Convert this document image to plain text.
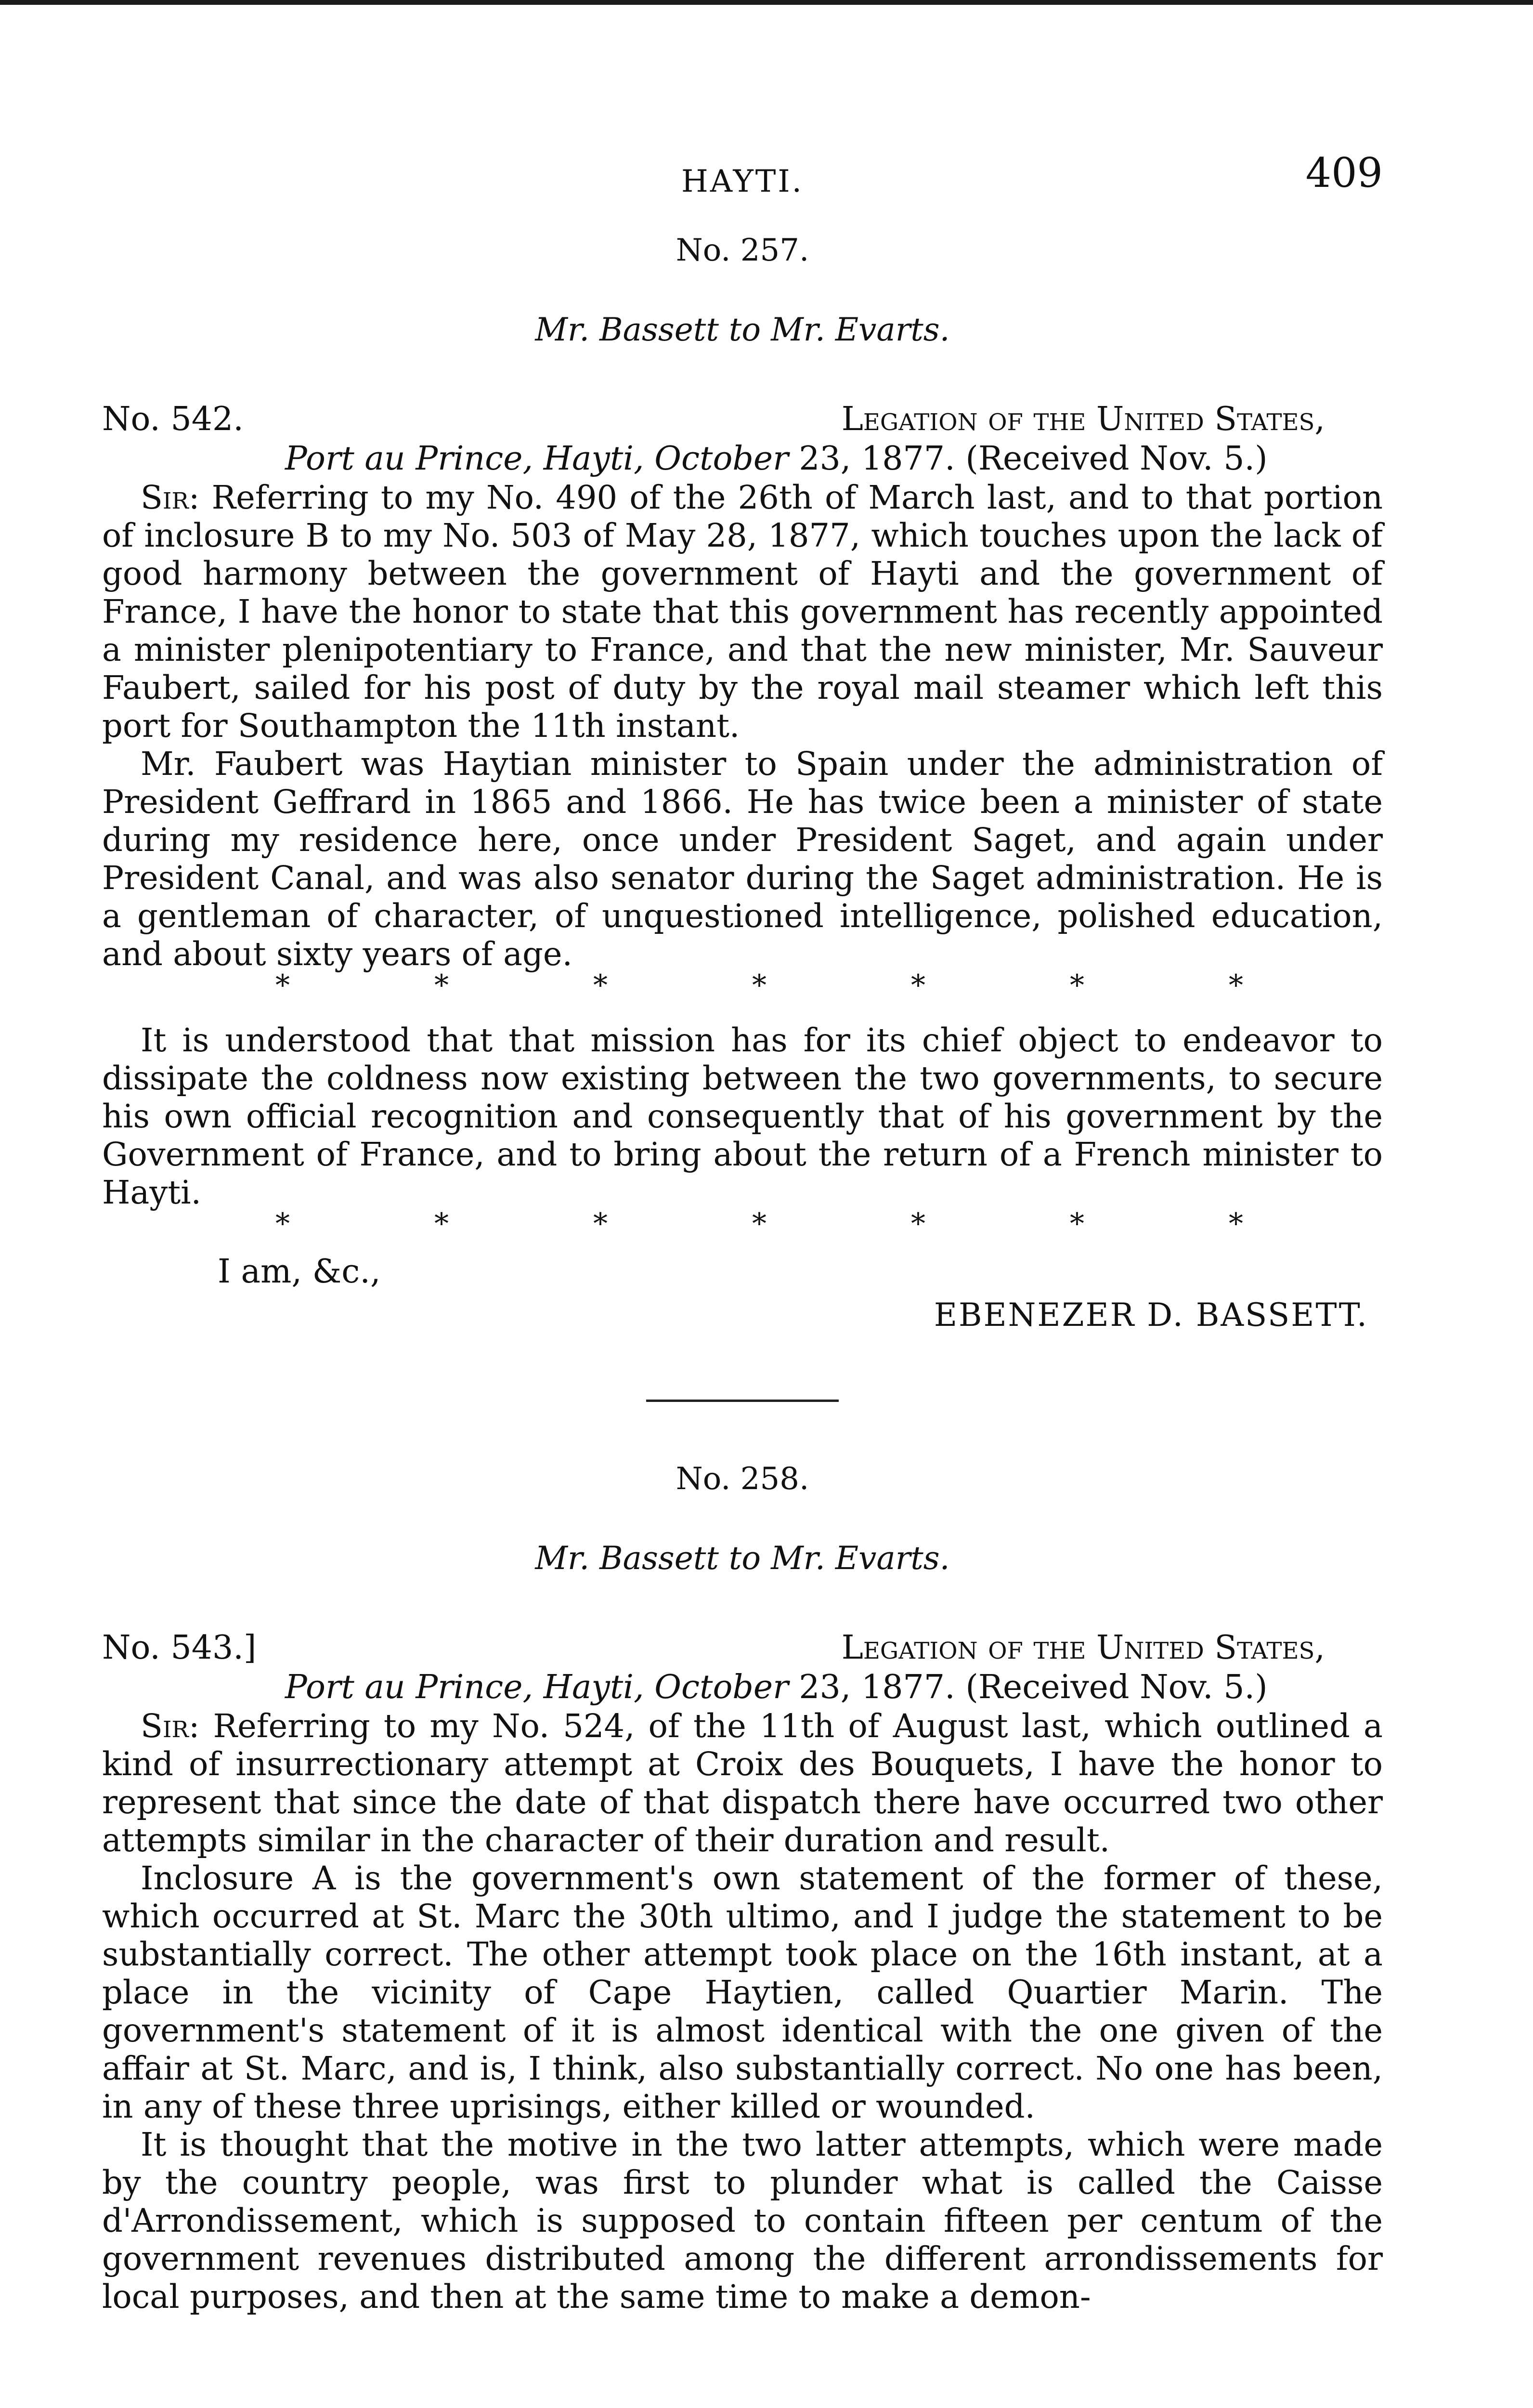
HAYTI.	409
No. 257.
Mr. Bassett to Mr. Evarts.
No. 542.	Legation of the United States,
Port au Prince, Hayti, October 23, 1877. (Received Nov. 5.)

Sir: Referring to my No. 490 of the 26th of March last, and to that portion of inclosure B to my No. 503 of May 28, 1877, which touches upon the lack of good harmony between the government of Hayti and the government of France, I have the honor to state that this government has recently appointed a minister plenipotentiary to France, and that the new minister, Mr. Sauveur Faubert, sailed for his post of duty by the royal mail steamer which left this port for Southampton the 11th instant.

Mr. Faubert was Haytian minister to Spain under the administration of President Geffrard in 1865 and 1866. He has twice been a minister of state during my residence here, once under President Saget, and again under President Canal, and was also senator during the Saget administration. He is a gentleman of character, of unquestioned intelligence, polished education, and about sixty years of age.

*	*	*	*	*	*	*

It is understood that that mission has for its chief object to endeavor to dissipate the coldness now existing between the two governments, to secure his own official recognition and consequently that of his government by the Government of France, and to bring about the return of a French minister to Hayti.

*	*	*	*	*	*	*
I am, &c.,
EBENEZER D. BASSETT.
No. 258.
Mr. Bassett to Mr. Evarts.
No. 543.]	Legation of the United States,
Port au Prince, Hayti, October 23, 1877. (Received Nov. 5.)

Sir: Referring to my No. 524, of the 11th of August last, which outlined a kind of insurrectionary attempt at Croix des Bouquets, I have the honor to represent that since the date of that dispatch there have occurred two other attempts similar in the character of their duration and result.

Inclosure A is the government's own statement of the former of these, which occurred at St. Marc the 30th ultimo, and I judge the statement to be substantially correct. The other attempt took place on the 16th instant, at a place in the vicinity of Cape Haytien, called Quartier Marin. The government's statement of it is almost identical with the one given of the affair at St. Marc, and is, I think, also substantially correct. No one has been, in any of these three uprisings, either killed or wounded.

It is thought that the motive in the two latter attempts, which were made by the country people, was first to plunder what is called the Caisse d'Arrondissement, which is supposed to contain fifteen per centum of the government revenues distributed among the different arrondissements for local purposes, and then at the same time to make a demon-
